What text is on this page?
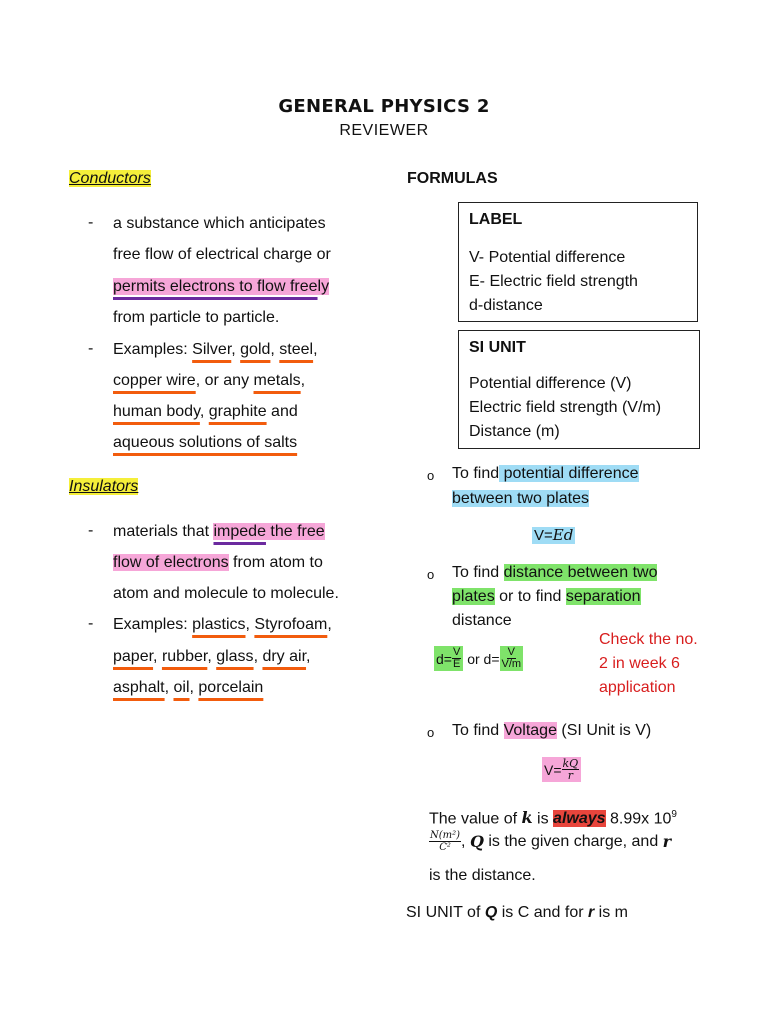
GENERAL PHYSICS 2
REVIEWER
Conductors
- a substance which anticipates
free flow of electrical charge or
permits electrons to flow freely
from particle to particle.
- Examples: Silver, gold, steel,
copper wire, or any metals,
human body, graphite and
aqueous solutions of salts
Insulators
- materials that impede the free
flow of electrons from atom to
atom and molecule to molecule.
- Examples: plastics, Styrofoam,
paper, rubber, glass, dry air,
asphalt, oil, porcelain
FORMULAS
LABEL
V- Potential difference
E- Electric field strength
d-distance
SI UNIT
Potential difference (V)
Electric field strength (V/m)
Distance (m)
o To find potential difference
between two plates
V=Ed
o To find distance between two
plates or to find separation
distance
$d= \frac{V}{E}$ or $d= \frac{V}{V/m}$
Check the no.
2 in week 6
application
o To find Voltage (SI Unit is V)
$V= \frac{kQ}{r}$
The value of k is always 8.99x $10^9$
$\frac{\text{N(m²)}}{\text{C²}}$ , Q is the given charge, and r
is the distance.
SI UNIT of Q is C and for r is m
